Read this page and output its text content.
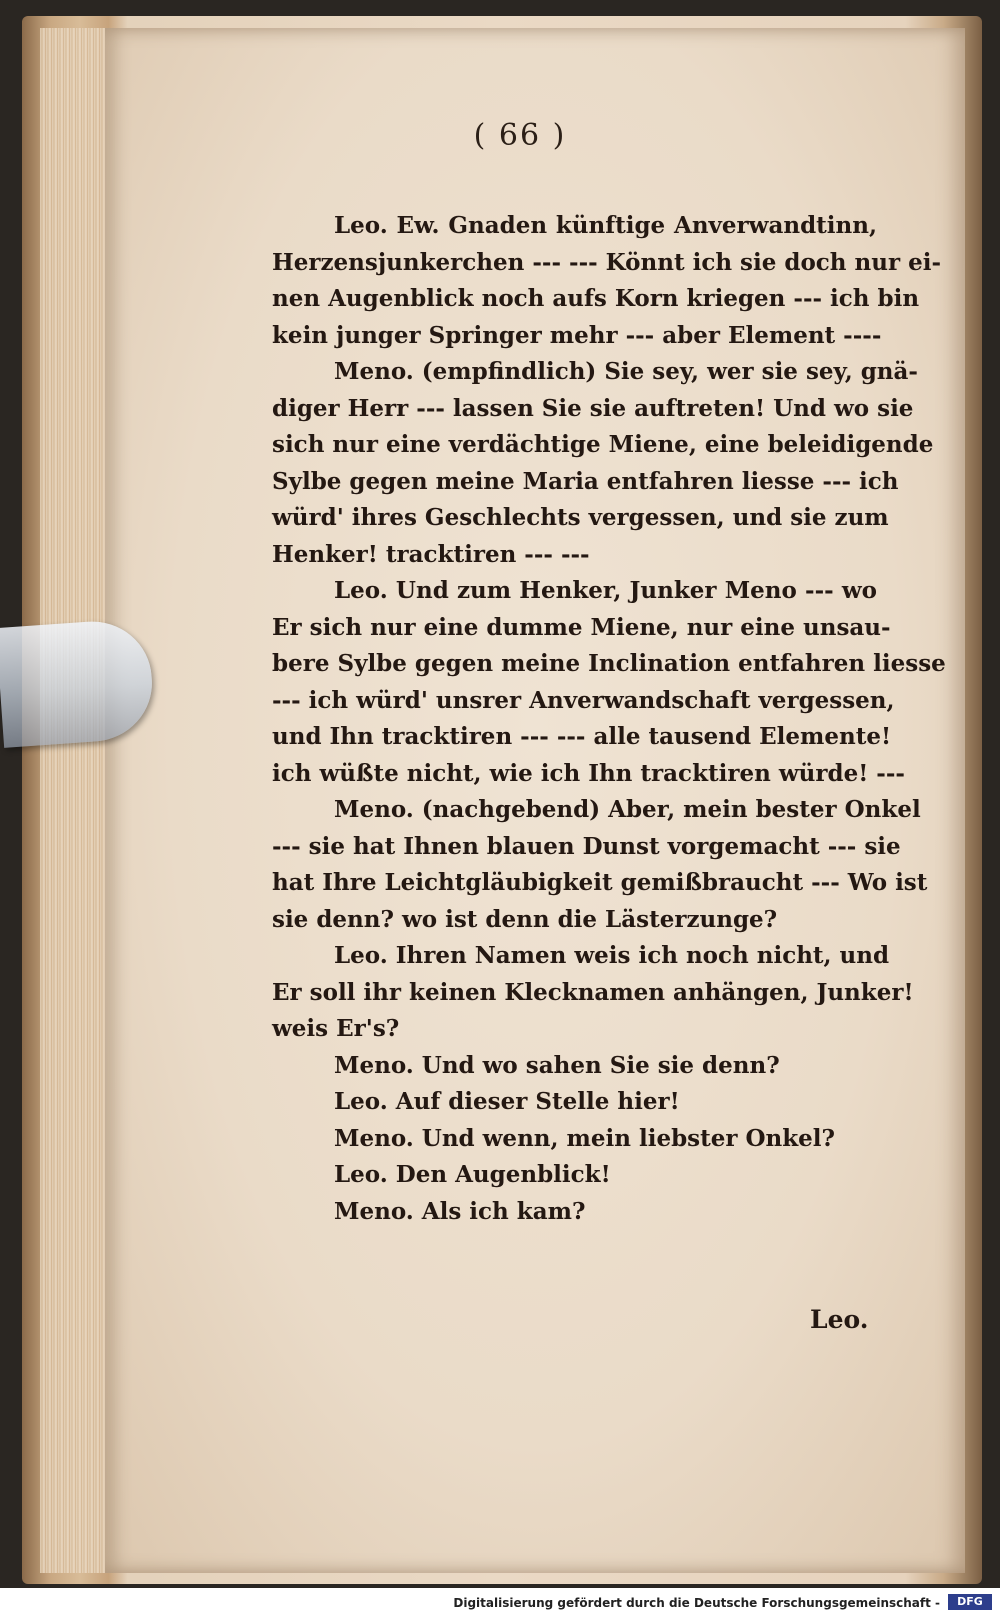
( 66 )
Leo. Ew. Gnaden künftige Anverwandtinn,
Herzensjunkerchen --- --- Könnt ich sie doch nur ei-
nen Augenblick noch aufs Korn kriegen --- ich bin
kein junger Springer mehr --- aber Element ----
Meno. (empfindlich) Sie sey, wer sie sey, gnä-
diger Herr --- lassen Sie sie auftreten! Und wo sie
sich nur eine verdächtige Miene, eine beleidigende
Sylbe gegen meine Maria entfahren liesse --- ich
würd' ihres Geschlechts vergessen, und sie zum
Henker! tracktiren --- ---
Leo. Und zum Henker, Junker Meno --- wo
Er sich nur eine dumme Miene, nur eine unsau-
bere Sylbe gegen meine Inclination entfahren liesse
--- ich würd' unsrer Anverwandschaft vergessen,
und Ihn tracktiren --- --- alle tausend Elemente!
ich wüßte nicht, wie ich Ihn tracktiren würde! ---
Meno. (nachgebend) Aber, mein bester Onkel
--- sie hat Ihnen blauen Dunst vorgemacht --- sie
hat Ihre Leichtgläubigkeit gemißbraucht --- Wo ist
sie denn? wo ist denn die Lästerzunge?
Leo. Ihren Namen weis ich noch nicht, und
Er soll ihr keinen Klecknamen anhängen, Junker!
weis Er's?
Meno. Und wo sahen Sie sie denn?
Leo. Auf dieser Stelle hier!
Meno. Und wenn, mein liebster Onkel?
Leo. Den Augenblick!
Meno. Als ich kam?
Leo.
Digitalisierung gefördert durch die Deutsche Forschungsgemeinschaft -	DFG
